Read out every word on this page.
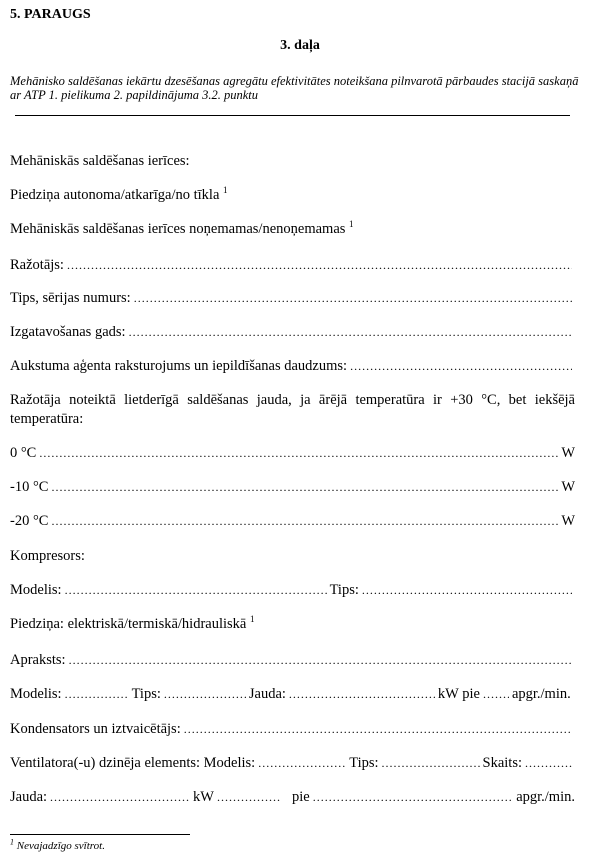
5. PARAUGS
3. daļa
Mehānisko saldēšanas iekārtu dzesēšanas agregātu efektivitātes noteikšana pilnvarotā pārbaudes stacijā saskaņā
ar ATP 1. pielikuma 2. papildinājuma 3.2. punktu
Mehāniskās saldēšanas ierīces:
Piedziņa autonoma/atkarīga/no tīkla $^1$
Mehāniskās saldēšanas ierīces noņemamas/nenoņemamas $^1$
Ražotājs:
.....
Tips, sērijas numurs:
.....
Izgatavošanas gads:
.....
Aukstuma aģenta raksturojums un iepildīšanas daudzums:
.....
Ražotāja noteiktā lietderīgā saldēšanas jauda, ja ārējā temperatūra ir +30 °C, bet iekšējā
temperatūra:
0 °C .....	W
-10 °C .....	W
-20 °C .....	W
Kompresors:
Modelis: .....	Tips:
.....
Piedziņa: elektriskā/termiskā/hidrauliskā $^1$
Apraksts:
.....
Modelis: .....	Tips: .....	Jauda: .....	kW pie ..... apgr./min.
Kondensators un iztvaicētājs:
.....
Ventilatora(-u) dzinēja elements: Modelis: .....	Tips: .....	Skaits:
.....
Jauda: .....	kW .....	pie .....	apgr./min.
$^1$ Nevajadzīgo svītrot.
